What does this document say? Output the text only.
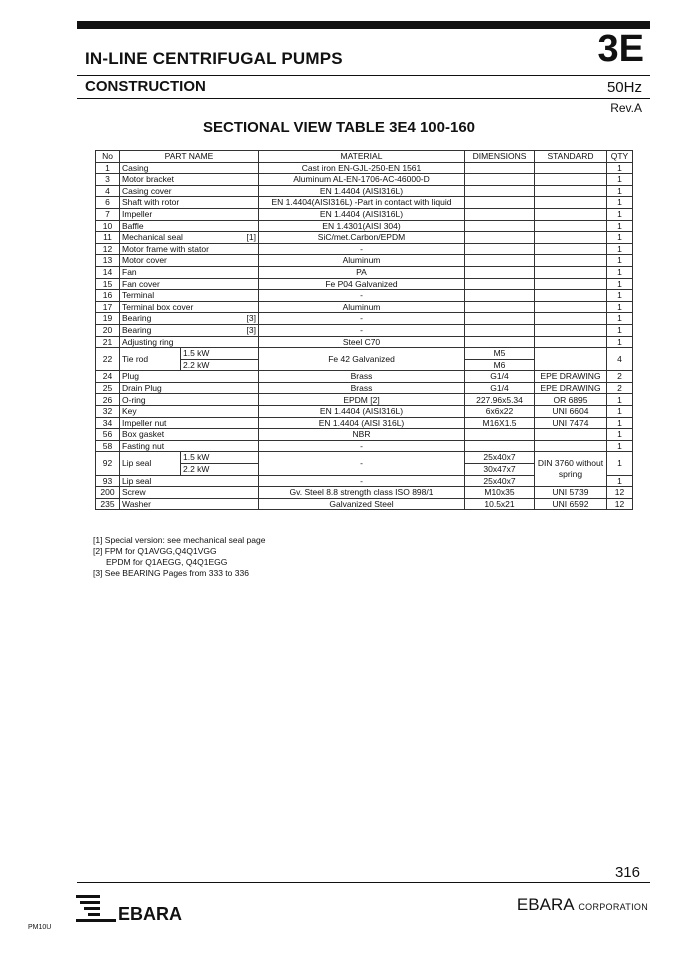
IN-LINE CENTRIFUGAL PUMPS	3E
CONSTRUCTION	50Hz
Rev.A
SECTIONAL VIEW TABLE 3E4 100-160
No	PART NAME		MATERIAL	DIMENSIONS	STANDARD	QTY
1	Casing		Cast iron EN-GJL-250-EN 1561			1
3	Motor bracket		Aluminum AL-EN-1706-AC-46000-D			1
4	Casing cover		EN 1.4404 (AISI316L)			1
6	Shaft with rotor		EN 1.4404(AISI316L) -Part in contact with liquid			1
7	Impeller		EN 1.4404 (AISI316L)			1
10	Baffle		EN 1.4301(AISI 304)			1
11	Mechanical seal [1]		SiC/met.Carbon/EPDM			1
12	Motor frame with stator		-			1
13	Motor cover		Aluminum			1
14	Fan		PA			1
15	Fan cover		Fe P04 Galvanized			1
16	Terminal		-			1
17	Terminal box cover		Aluminum			1
19	Bearing [3]		-			1
20	Bearing [3]		-			1
21	Adjusting ring		Steel C70			1
22	Tie rod	1.5 kW	Fe 42 Galvanized	M5		4
		2.2 kW		M6		
24	Plug		Brass	G1/4	EPE DRAWING	2
25	Drain Plug		Brass	G1/4	EPE DRAWING	2
26	O-ring		EPDM [2]	227.96x5.34	OR 6895	1
32	Key		EN 1.4404 (AISI316L)	6x6x22	UNI 6604	1
34	Impeller nut		EN 1.4404 (AISI 316L)	M16X1.5	UNI 7474	1
56	Box gasket		NBR			1
58	Fasting nut		-			1
92	Lip seal	1.5 kW	-	25x40x7	DIN 3760 without spring	1
		2.2 kW		30x47x7		
93	Lip seal		-	25x40x7		1
200	Screw		Gv. Steel 8.8 strength class ISO 898/1	M10x35	UNI 5739	12
235	Washer		Galvanized Steel	10.5x21	UNI 6592	12
[1] Special version: see mechanical seal page
[2] FPM for Q1AVGG,Q4Q1VGG
EPDM for Q1AEGG, Q4Q1EGG
[3] See BEARING Pages from 333 to 336
316
EBARA
PM10U
EBARA CORPORATION
